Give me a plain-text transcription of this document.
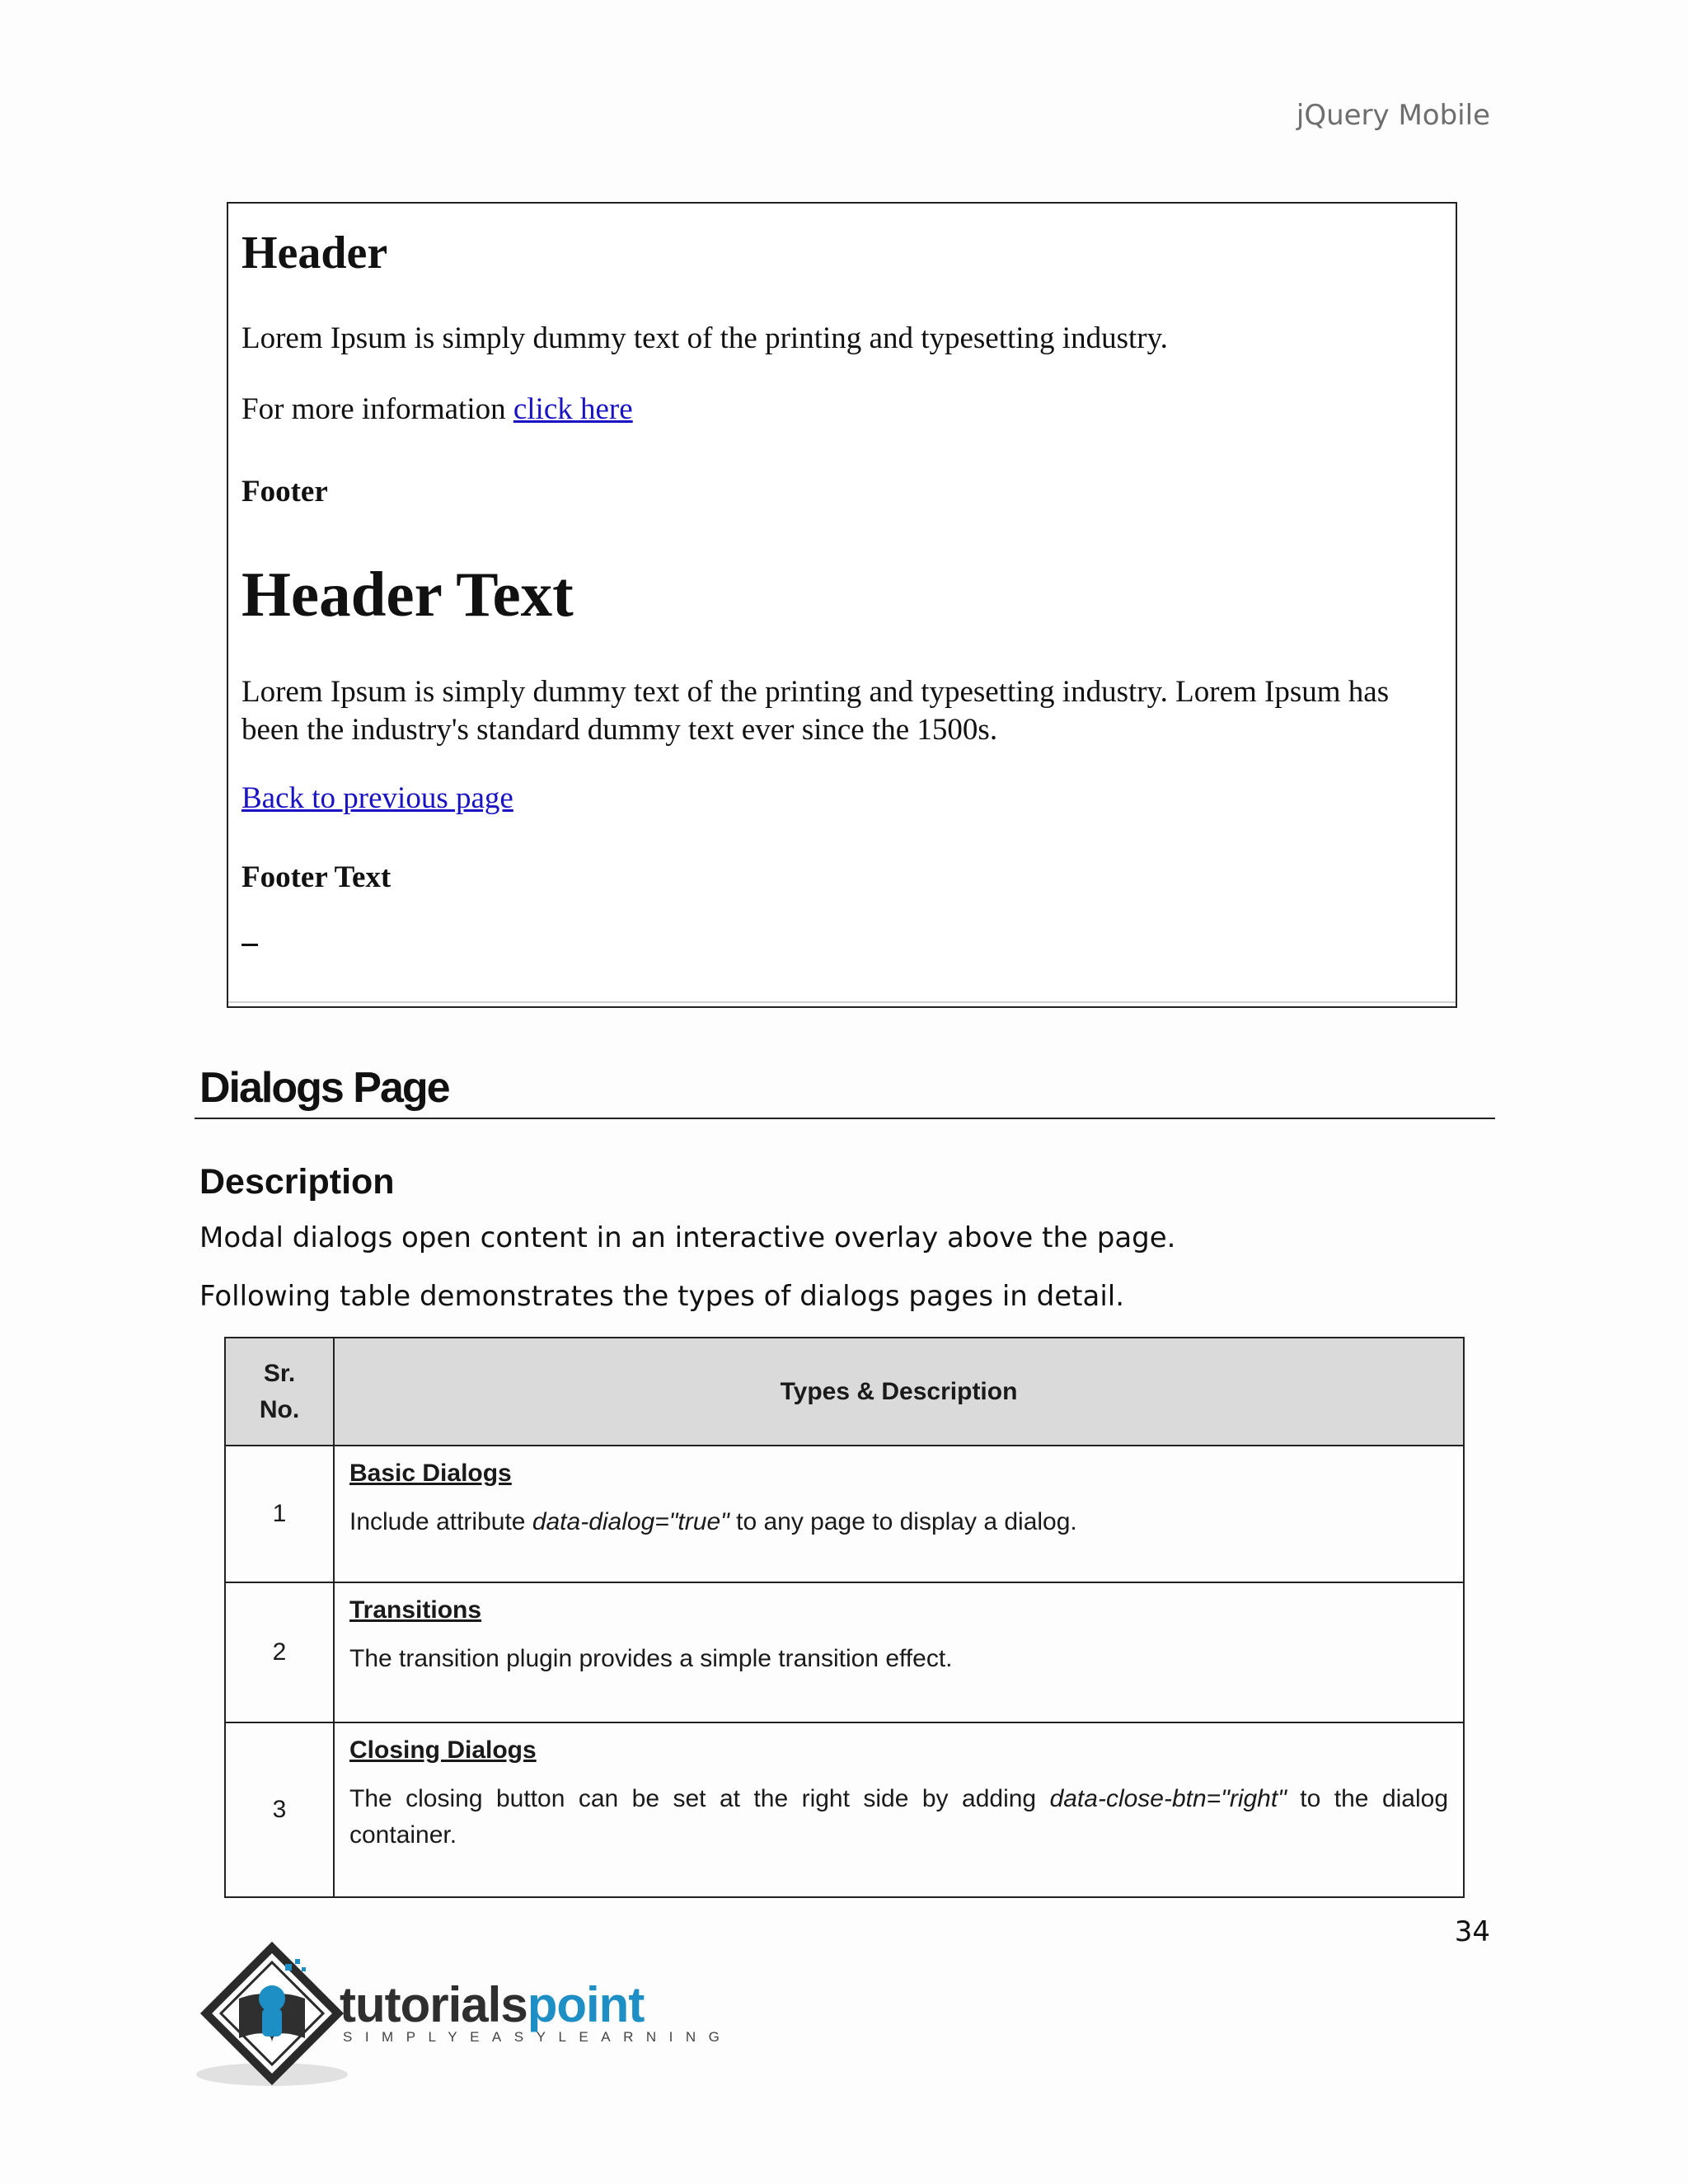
jQuery Mobile
Header

Lorem Ipsum is simply dummy text of the printing and typesetting industry.

For more information click here

Footer

Header Text

Lorem Ipsum is simply dummy text of the printing and typesetting industry. Lorem Ipsum has been the industry's standard dummy text ever since the 1500s.

Back to previous page

Footer Text

Dialogs Page
Description

Modal dialogs open content in an interactive overlay above the page.

Following table demonstrates the types of dialogs pages in detail.

Sr.
No.	Types & Description
1	Basic Dialogs
Include attribute data-dialog="true" to any page to display a dialog.

2	Transitions
The transition plugin provides a simple transition effect.

3	Closing Dialogs
The closing button can be set at the right side by adding data-close-btn="right" to the dialog container.
34

tutorialspoint

SIMPLYEASYLEARNING
